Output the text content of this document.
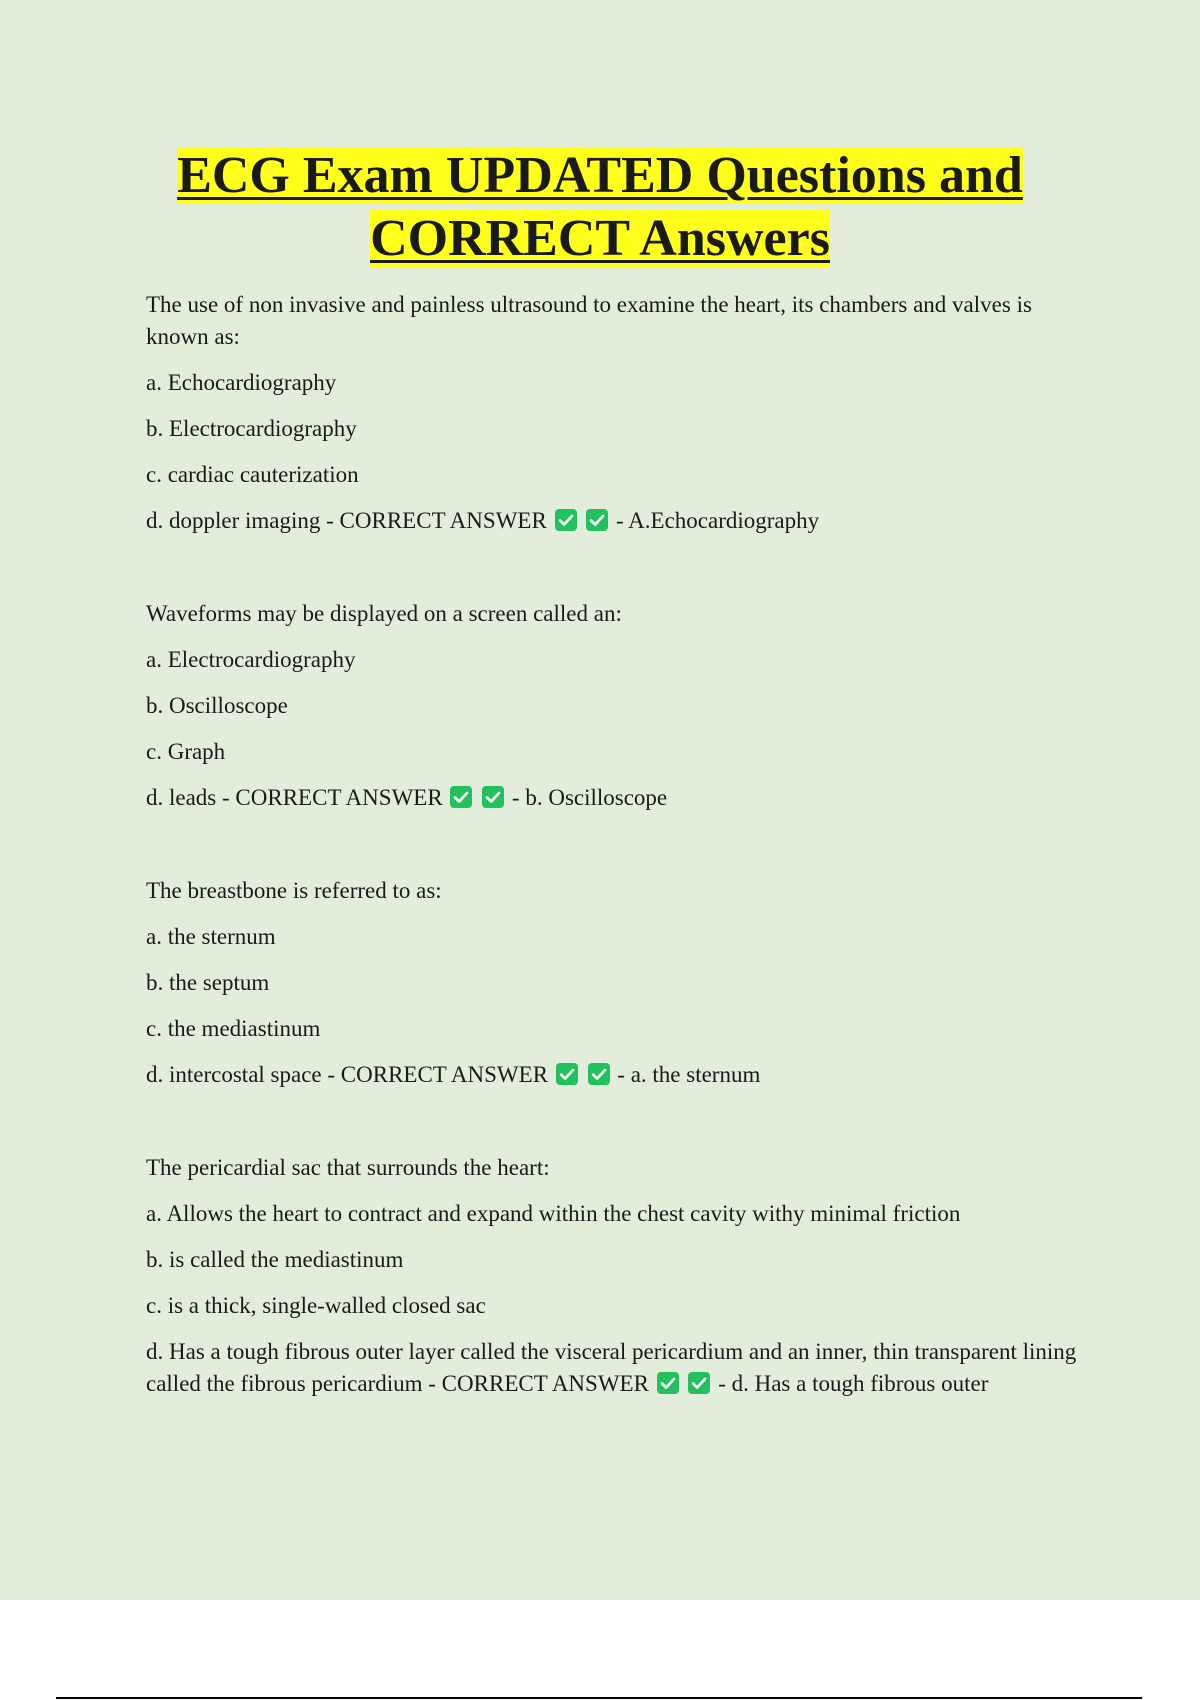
ECG Exam UPDATED Questions and
CORRECT Answers
The use of non invasive and painless ultrasound to examine the heart, its chambers and valves is known as:
a. Echocardiography
b. Electrocardiography
c. cardiac cauterization
d. doppler imaging - CORRECT ANSWER
	- A.Echocardiography
Waveforms may be displayed on a screen called an:
a. Electrocardiography
b. Oscilloscope
c. Graph
d. leads - CORRECT ANSWER
	- b. Oscilloscope
The breastbone is referred to as:
a. the sternum
b. the septum
c. the mediastinum
d. intercostal space - CORRECT ANSWER
	- a. the sternum
The pericardial sac that surrounds the heart:
a. Allows the heart to contract and expand within the chest cavity withy minimal friction
b. is called the mediastinum
c. is a thick, single-walled closed sac
d. Has a tough fibrous outer layer called the visceral pericardium and an inner, thin transparent lining called the fibrous pericardium - CORRECT ANSWER
	- d. Has a tough fibrous outer
